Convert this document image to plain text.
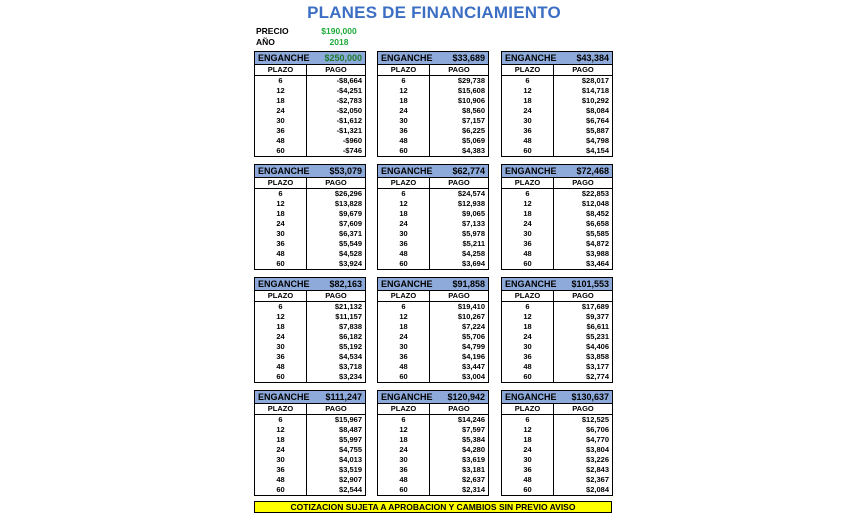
PLANES DE FINANCIAMIENTO
PRECIO	$190,000
AÑO	2018
ENGANCHE $250,000
PLAZO	PAGO
6	-$8,664
12	-$4,251
18	-$2,783
24	-$2,050
30	-$1,612
36	-$1,321
48	-$960
60	-$746
ENGANCHE $33,689
PLAZO	PAGO
6	$29,738
12	$15,608
18	$10,906
24	$8,560
30	$7,157
36	$6,225
48	$5,069
60	$4,383
ENGANCHE $43,384
PLAZO	PAGO
6	$28,017
12	$14,718
18	$10,292
24	$8,084
30	$6,764
36	$5,887
48	$4,798
60	$4,154
ENGANCHE $53,079
PLAZO	PAGO
6	$26,296
12	$13,828
18	$9,679
24	$7,609
30	$6,371
36	$5,549
48	$4,528
60	$3,924
ENGANCHE $62,774
PLAZO	PAGO
6	$24,574
12	$12,938
18	$9,065
24	$7,133
30	$5,978
36	$5,211
48	$4,258
60	$3,694
ENGANCHE $72,468
PLAZO	PAGO
6	$22,853
12	$12,048
18	$8,452
24	$6,658
30	$5,585
36	$4,872
48	$3,988
60	$3,464
ENGANCHE $82,163
PLAZO	PAGO
6	$21,132
12	$11,157
18	$7,838
24	$6,182
30	$5,192
36	$4,534
48	$3,718
60	$3,234
ENGANCHE $91,858
PLAZO	PAGO
6	$19,410
12	$10,267
18	$7,224
24	$5,706
30	$4,799
36	$4,196
48	$3,447
60	$3,004
ENGANCHE $101,553
PLAZO	PAGO
6	$17,689
12	$9,377
18	$6,611
24	$5,231
30	$4,406
36	$3,858
48	$3,177
60	$2,774
ENGANCHE $111,247
PLAZO	PAGO
6	$15,967
12	$8,487
18	$5,997
24	$4,755
30	$4,013
36	$3,519
48	$2,907
60	$2,544
ENGANCHE $120,942
PLAZO	PAGO
6	$14,246
12	$7,597
18	$5,384
24	$4,280
30	$3,619
36	$3,181
48	$2,637
60	$2,314
ENGANCHE $130,637
PLAZO	PAGO
6	$12,525
12	$6,706
18	$4,770
24	$3,804
30	$3,226
36	$2,843
48	$2,367
60	$2,084
COTIZACION SUJETA A APROBACION Y CAMBIOS SIN PREVIO AVISO
